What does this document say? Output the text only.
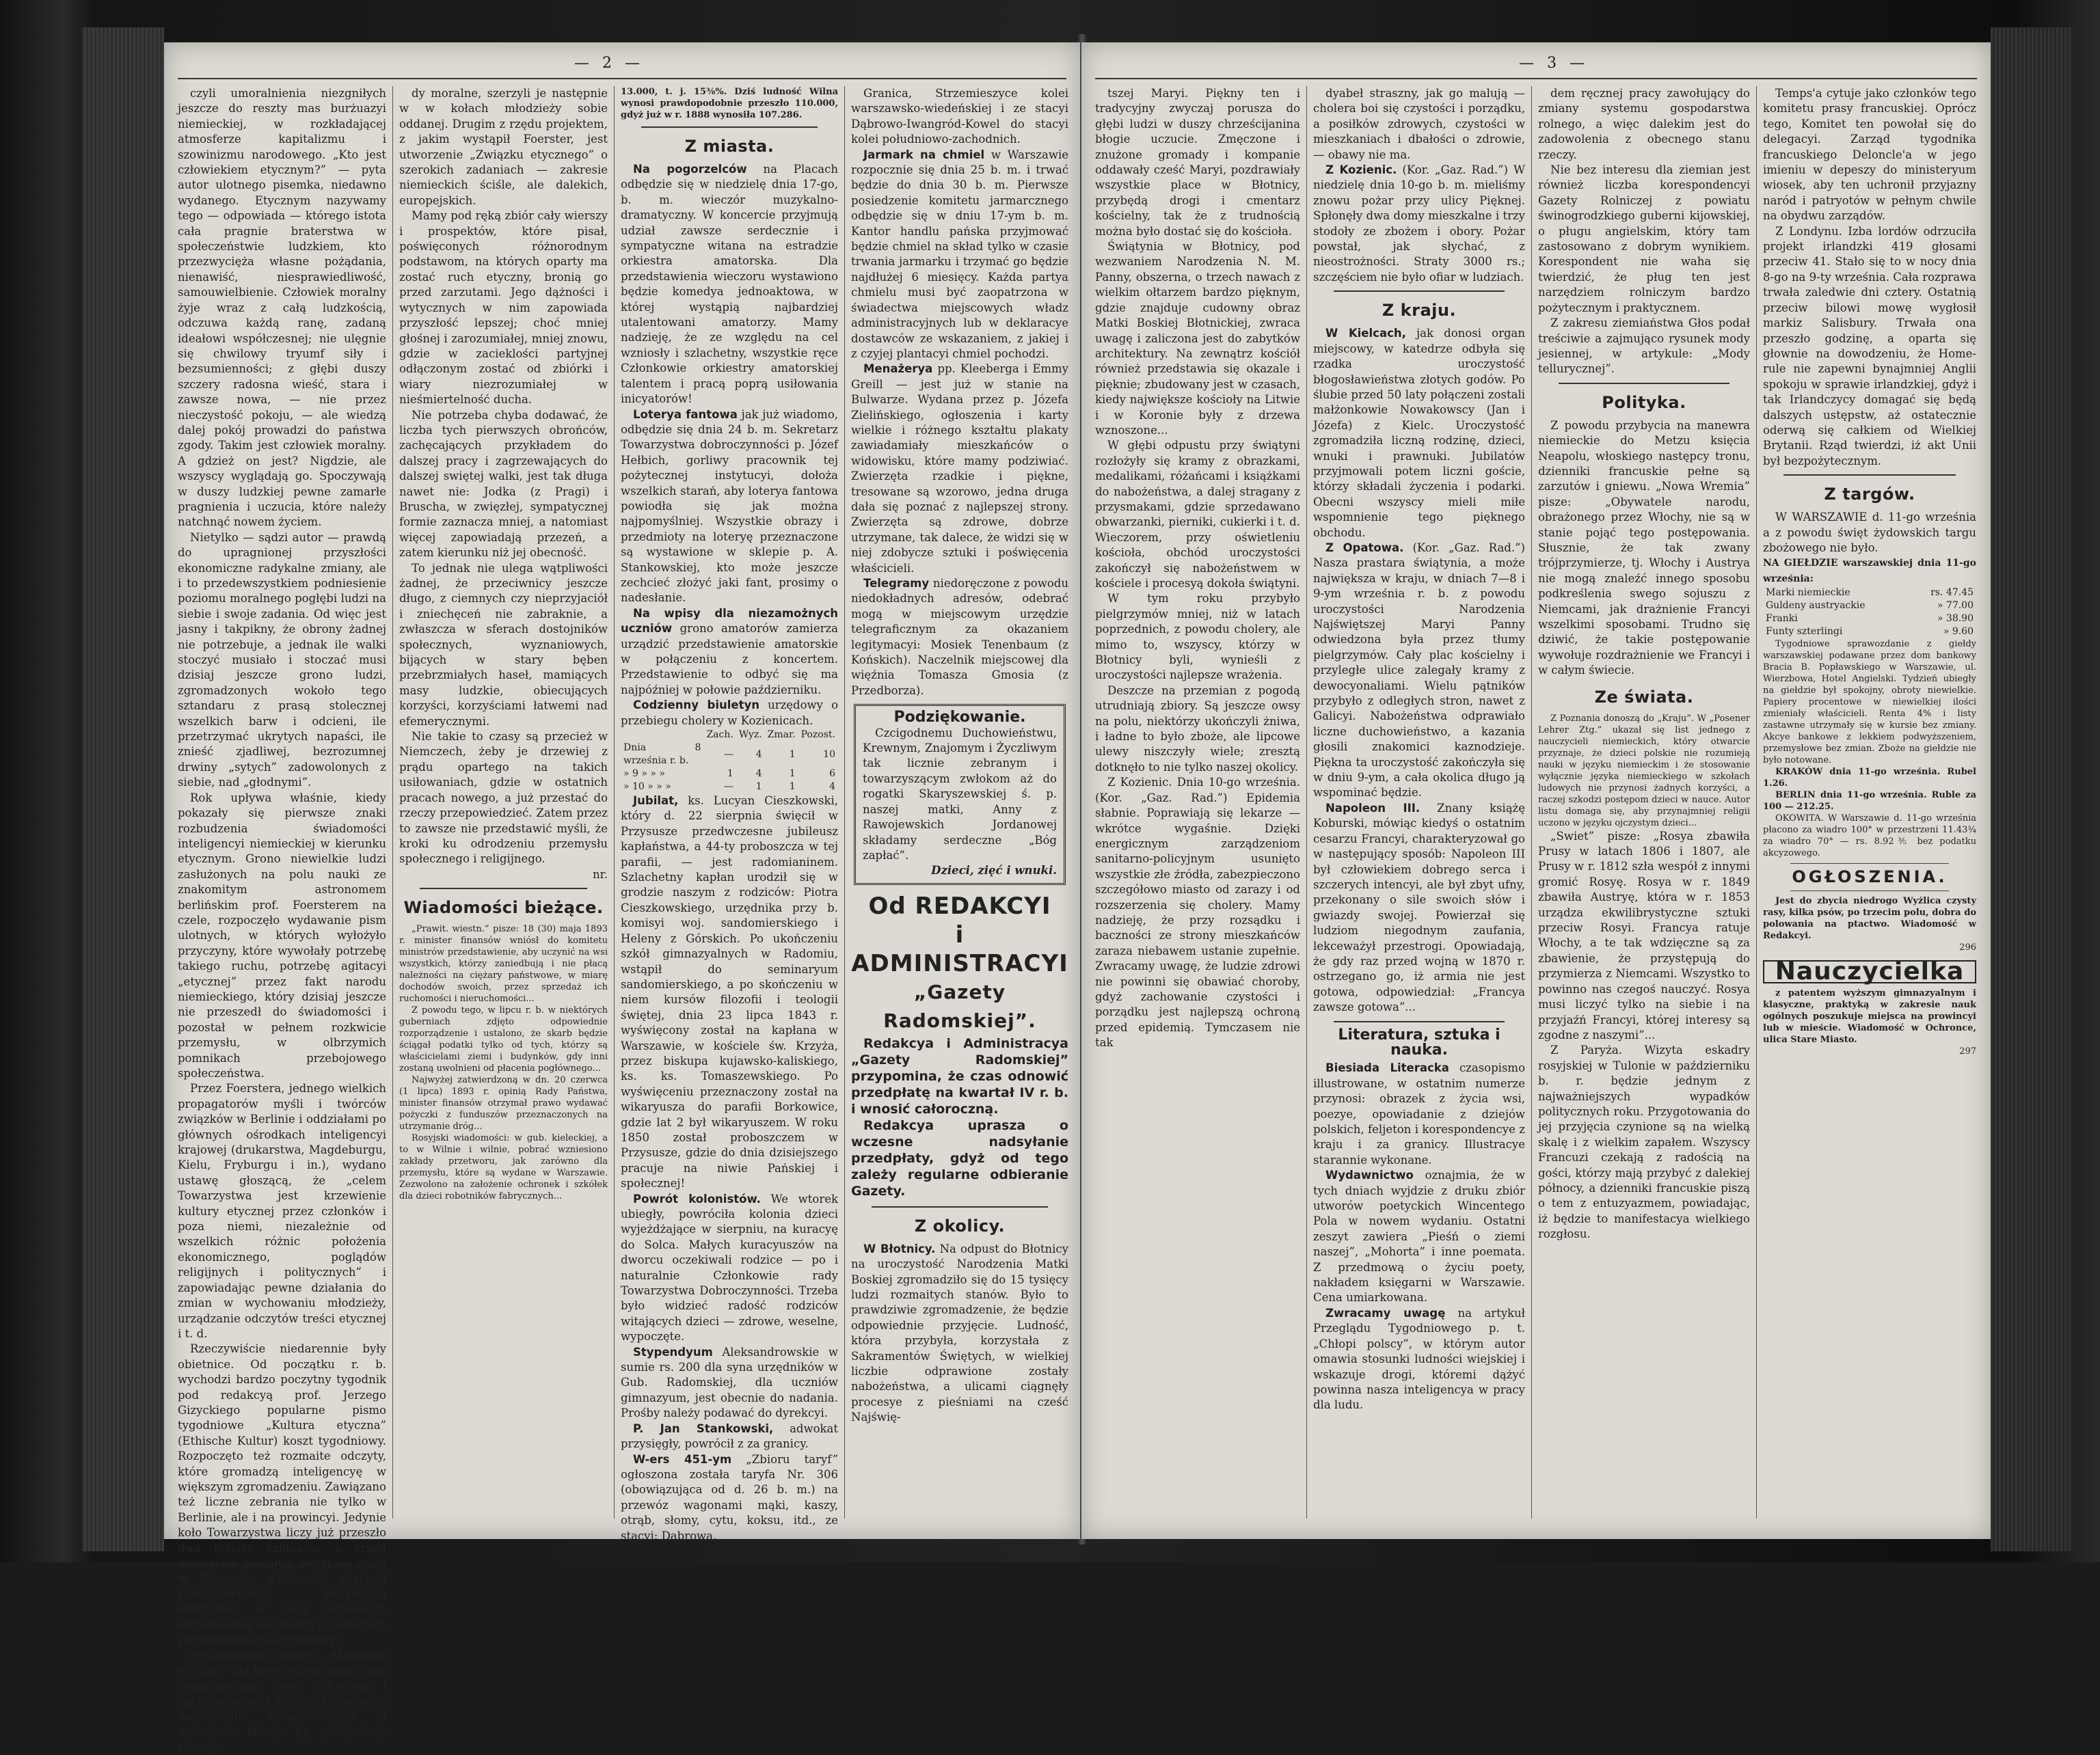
— 2 —

czyli umoralnienia niezgniłych jeszcze do reszty mas burżuazyi niemieckiej, w rozkładającej atmosferze kapitalizmu i szowinizmu narodowego. „Kto jest człowiekiem etycznym?” — pyta autor ulotnego pisemka, niedawno wydanego. Etycznym nazywamy tego — odpowiada — którego istota cała pragnie braterstwa w społeczeństwie ludzkiem, kto przezwycięża własne pożądania, nienawiść, niesprawiedliwość, samouwielbienie. Człowiek moralny żyje wraz z całą ludzkością, odczuwa każdą ranę, zadaną ideałowi współczesnej; nie ulęgnie się chwilowy tryumf siły i bezsumienności; z głębi duszy szczery radosna wieść, stara i zawsze nowa, — nie przez nieczystość pokoju, — ale wiedzą dalej pokój prowadzi do państwa zgody. Takim jest człowiek moralny. A gdzież on jest? Nigdzie, ale wszyscy wyglądają go. Spoczywają w duszy ludzkiej pewne zamarłe pragnienia i uczucia, które należy natchnąć nowem życiem.

Nietylko — sądzi autor — prawdą do upragnionej przyszłości ekonomiczne radykalne zmiany, ale i to przedewszystkiem podniesienie poziomu moralnego pogłębi ludzi na siebie i swoje zadania. Od więc jest jasny i takpikny, że obrony żadnej nie potrzebuje, a jednak ile walki stoczyć musiało i stoczać musi dzisiaj jeszcze grono ludzi, zgromadzonych wokoło tego sztandaru z prasą stolecznej wszelkich barw i odcieni, ile przetrzymać ukrytych napaści, ile znieść zjadliwej, bezrozumnej drwiny „sytych” zadowolonych z siebie, nad „głodnymi”.

Rok upływa właśnie, kiedy pokazały się pierwsze znaki rozbudzenia świadomości inteligencyi niemieckiej w kierunku etycznym. Grono niewielkie ludzi zasłużonych na polu nauki ze znakomitym astronomem berlińskim prof. Foersterem na czele, rozpoczęło wydawanie pism ulotnych, w których wyłożyło przyczyny, które wywołały potrzebę takiego ruchu, potrzebę agitacyi „etycznej” przez fakt narodu niemieckiego, który dzisiaj jeszcze nie przeszedł do świadomości i pozostał w pełnem rozkwicie przemysłu, w olbrzymich pomnikach przebojowego społeczeństwa.

Przez Foerstera, jednego wielkich propagatorów myśli i twórców związków w Berlinie i oddziałami po głównych ośrodkach inteligencyi krajowej (drukarstwa, Magdeburgu, Kielu, Fryburgu i in.), wydano ustawę głoszącą, że „celem Towarzystwa jest krzewienie kultury etycznej przez członków i poza niemi, niezależnie od wszelkich różnic położenia ekonomicznego, poglądów religijnych i politycznych” i zapowiadając pewne działania do zmian w wychowaniu młodzieży, urządzanie odczytów treści etycznej i t. d.

Rzeczywiście niedarennie były obietnice. Od początku r. b. wychodzi bardzo poczytny tygodnik pod redakcyą prof. Jerzego Gizyckiego popularne pismo tygodniowe „Kultura etyczna” (Ethische Kultur) koszt tygodniowy. Rozpoczęto też rozmaite odczyty, które gromadzą inteligencyę w większym zgromadzeniu. Zawiązano też liczne zebrania nie tylko w Berlinie, ale i na prowincyi. Jedynie koło Towarzystwa liczy już przeszło dwa tysiące członków, a przed miesiącem niecałym odbył się zjazd w Eisenach, gdzie nie przybyli przedstawiciele wszystkich oddziałów, w celu wspólnego obradowania nad dalszym rozwojem i wzmocnieniem organizacyi.

Postanowiono założyć „Akademię etyczną” dla teoretycznej pracy nad zagadnieniami duszy człowieka i społeczeństwa i w celu kształcenia nauczycieli elementarnych i wyższych, którzy by przejawiały zasady...

dy moralne, szerzyli je następnie w w kołach młodzieży sobie oddanej. Drugim z rzędu projektem, z jakim wystąpił Foerster, jest utworzenie „Związku etycznego” o szerokich zadaniach — zakresie niemieckich ściśle, ale dalekich, europejskich.

Mamy pod ręką zbiór cały wierszy i prospektów, które pisał, poświęconych różnorodnym podstawom, na których oparty ma zostać ruch etyczny, bronią go przed zarzutami. Jego dążności i wytycznych w nim zapowiada przyszłość lepszej; choć mniej głośnej i zarozumiałej, mniej znowu, gdzie w zacieklości partyjnej odłączonym zostać od zbiórki i wiary niezrozumiałej w nieśmiertelność ducha.

Nie potrzeba chyba dodawać, że liczba tych pierwszych obrońców, zachęcających przykładem do dalszej pracy i zagrzewających do dalszej swiętej walki, jest tak długa nawet nie: Jodka (z Pragi) i Bruscha, w zwięzłej, sympatycznej formie zaznacza mniej, a natomiast więcej zapowiadają przezeń, a zatem kierunku niż jej obecność.

To jednak nie ulega wątpliwości żadnej, że przeciwnicy jeszcze długo, z ciemnych czy nieprzyjaciół i zniechęceń nie zabraknie, a zwłaszcza w sferach dostojników społecznych, wyznaniowych, bijących w stary bęben przebrzmiałych haseł, mamiących masy ludzkie, obiecujących korzyści, korzyściami łatwemi nad efemerycznymi.

Nie takie to czasy są przecież w Niemczech, żeby je drzewiej z prądu opartego na takich usiłowaniach, gdzie w ostatnich pracach nowego, a już przestać do rzeczy przepowiedzieć. Zatem przez to zawsze nie przedstawić myśli, że kroki ku odrodzeniu przemysłu społecznego i religijnego.

nr.

Wiadomości bieżące.

„Prawit. wiestn.” pisze: 18 (30) maja 1893 r. minister finansów wniósł do komitetu ministrów przedstawienie, aby uczynić na wsi wszystkich, którzy zaniedbują i nie płacą należności na ciężary państwowe, w miarę dochodów swoich, przez sprzedaż ich ruchomości i nieruchomości...

Z powodu tego, w lipcu r. b. w niektórych guberniach zdjęto odpowiednie rozporządzenie i ustalono, że skarb będzie ściągał podatki tylko od tych, którzy są właścicielami ziemi i budynków, gdy inni zostaną uwolnieni od płacenia pogłównego...

Najwyżej zatwierdzoną w dn. 20 czerwca (1 lipca) 1893 r. opinią Rady Państwa, minister finansów otrzymał prawo wydawać pożyczki z funduszów przeznaczonych na utrzymanie dróg...

Rosyjski wiadomości: w gub. kieleckiej, a to w Wilnie i wilnie, pobrać wzniesiono zakłady przetworu, jak zarówno dla przemysłu, które są wydane w Warszawie. Zezwolono na założenie ochronek i szkółek dla dzieci robotników fabrycznych...

13.000, t. j. 15⅜%. Dziś ludność Wilna wynosi prawdopodobnie przeszło 110.000, gdyż już w r. 1888 wynosiła 107.286.

Z miasta.

Na pogorzelców na Placach odbędzie się w niedzielę dnia 17-go, b. m. wieczór muzykalno-dramatyczny. W koncercie przyjmują udział zawsze serdecznie i sympatyczne witana na estradzie orkiestra amatorska. Dla przedstawienia wieczoru wystawiono będzie komedya jednoaktowa, w której wystąpią najbardziej utalentowani amatorzy. Mamy nadzieję, że ze względu na cel wzniosły i szlachetny, wszystkie ręce Członkowie orkiestry amatorskiej talentem i pracą poprą usiłowania inicyatorów!

Loterya fantowa jak już wiadomo, odbędzie się dnia 24 b. m. Sekretarz Towarzystwa dobroczynności p. Józef Hełbich, gorliwy pracownik tej pożytecznej instytucyi, dołoża wszelkich starań, aby loterya fantowa powiodła się jak można najpomyślniej. Wszystkie obrazy i przedmioty na loteryę przeznaczone są wystawione w sklepie p. A. Stankowskiej, kto może jeszcze zechcieć złożyć jaki fant, prosimy o nadesłanie.

Na wpisy dla niezamożnych uczniów grono amatorów zamierza urządzić przedstawienie amatorskie w połączeniu z koncertem. Przedstawienie to odbyć się ma najpóźniej w połowie październiku.

Codzienny biuletyn urzędowy o przebiegu cholery w Kozienicach.

	Zach.	Wyz.	Zmar.	Pozost.
Dnia 8 września r. b.	—	4	1	10
» 9 » » »	1	4	1	6
» 10 » » »	—	1	1	4

Jubilat, ks. Lucyan Cieszkowski, który d. 22 sierpnia święcił w Przysusze przedwczesne jubileusz kapłaństwa, a 44-ty proboszcza w tej parafii, — jest radomianinem. Szlachetny kapłan urodził się w grodzie naszym z rodziców: Piotra Cieszkowskiego, urzędnika przy b. komisyi woj. sandomierskiego i Heleny z Górskich. Po ukończeniu szkół gimnazyalnych w Radomiu, wstąpił do seminaryum sandomierskiego, a po skończeniu w niem kursów filozofii i teologii świętej, dnia 23 lipca 1843 r. wyświęcony został na kapłana w Warszawie, w kościele św. Krzyża, przez biskupa kujawsko-kaliskiego, ks. ks. Tomaszewskiego. Po wyświęceniu przeznaczony został na wikaryusza do parafii Borkowice, gdzie lat 2 był wikaryuszem. W roku 1850 został proboszczem w Przysusze, gdzie do dnia dzisiejszego pracuje na niwie Pańskiej i społecznej!

Powrót kolonistów. We wtorek ubiegły, powróciła kolonia dzieci wyjeżdżające w sierpniu, na kuracyę do Solca. Małych kuracyuszów na dworcu oczekiwali rodzice — po i naturalnie Członkowie rady Towarzystwa Dobroczynności. Trzeba było widzieć radość rodziców witających dzieci — zdrowe, weselne, wypoczęte.

Stypendyum Aleksandrowskie w sumie rs. 200 dla syna urzędników w Gub. Radomskiej, dla uczniów gimnazyum, jest obecnie do nadania. Prośby należy podawać do dyrekcyi.

P. Jan Stankowski, adwokat przysięgły, powrócił z za granicy.

W-ers 451-ym „Zbioru taryf” ogłoszona została taryfa Nr. 306 (obowiązująca od d. 26 b. m.) na przewóz wagonami mąki, kaszy, otrąb, słomy, cytu, koksu, itd., ze stacyi: Dąbrowa,

Granica, Strzemieszyce kolei warszawsko-wiedeńskiej i ze stacyi Dąbrowo-Iwangród-Kowel do stacyi kolei południowo-zachodnich.

Jarmark na chmiel w Warszawie rozpocznie się dnia 25 b. m. i trwać będzie do dnia 30 b. m. Pierwsze posiedzenie komitetu jarmarcznego odbędzie się w dniu 17-ym b. m. Kantor handlu pańska przyjmować będzie chmiel na skład tylko w czasie trwania jarmarku i trzymać go będzie najdłużej 6 miesięcy. Każda partya chmielu musi być zaopatrzona w świadectwa miejscowych władz administracyjnych lub w deklaracye dostawców ze wskazaniem, z jakiej i z czyjej plantacyi chmiel pochodzi.

Menażerya pp. Kleeberga i Emmy Greill — jest już w stanie na Bulwarze. Wydana przez p. Józefa Zielińskiego, ogłoszenia i karty wielkie i różnego kształtu plakaty zawiadamiały mieszkańców o widowisku, które mamy podziwiać. Zwierzęta rzadkie i piękne, tresowane są wzorowo, jedna druga dała się poznać z najlepszej strony. Zwierzęta są zdrowe, dobrze utrzymane, tak dalece, że widzi się w niej zdobycze sztuki i poświęcenia właścicieli.

Telegramy niedoręczone z powodu niedokładnych adresów, odebrać mogą w miejscowym urzędzie telegraficznym za okazaniem legitymacyi: Mosiek Tenenbaum (z Końskich). Naczelnik miejscowej dla więźnia Tomasza Gmosia (z Przedborza).

Podziękowanie.

Czcigodnemu Duchowieństwu, Krewnym, Znajomym i Życzliwym tak licznie zebranym i towarzyszącym zwłokom aż do rogatki Skaryszewskiej ś. p. naszej matki, Anny z Rawojewskich Jordanowej składamy serdeczne „Bóg zapłać”.

Dzieci, zięć i wnuki.

Od REDAKCYI
i ADMINISTRACYI
„Gazety Radomskiej”.

Redakcya i Administracya „Gazety Radomskiej” przypomina, że czas odnowić przedpłatę na kwartał IV r. b. i wnosić całoroczną.

Redakcya uprasza o wczesne nadsyłanie przedpłaty, gdyż od tego zależy regularne odbieranie Gazety.

Z okolicy.

W Błotnicy. Na odpust do Błotnicy na uroczystość Narodzenia Matki Boskiej zgromadziło się do 15 tysięcy ludzi rozmaitych stanów. Było to prawdziwie zgromadzenie, że będzie odpowiednie przyjęcie. Ludność, która przybyła, korzystała z Sakramentów Świętych, w wielkiej liczbie odprawione zostały nabożeństwa, a ulicami ciągnęły procesye z pieśniami na cześć Najświę-

— 3 —

tszej Maryi. Piękny ten i tradycyjny zwyczaj porusza do głębi ludzi w duszy chrześcijanina błogie uczucie. Zmęczone i znużone gromady i kompanie oddawały cześć Maryi, pozdrawiały wszystkie place w Błotnicy, przybędą drogi i cmentarz kościelny, tak że z trudnością można było dostać się do kościoła.

Świątynia w Błotnicy, pod wezwaniem Narodzenia N. M. Panny, obszerna, o trzech nawach z wielkim ołtarzem bardzo pięknym, gdzie znajduje cudowny obraz Matki Boskiej Błotnickiej, zwraca uwagę i zaliczona jest do zabytków architektury. Na zewnątrz kościół również przedstawia się okazale i pięknie; zbudowany jest w czasach, kiedy największe kościoły na Litwie i w Koronie były z drzewa wznoszone...

W głębi odpustu przy świątyni rozłożyły się kramy z obrazkami, medalikami, różańcami i książkami do nabożeństwa, a dalej stragany z przysmakami, gdzie sprzedawano obwarzanki, pierniki, cukierki i t. d. Wieczorem, przy oświetleniu kościoła, obchód uroczystości zakończył się nabożeństwem w kościele i procesyą dokoła świątyni.

W tym roku przybyło pielgrzymów mniej, niż w latach poprzednich, z powodu cholery, ale mimo to, wszyscy, którzy w Błotnicy byli, wynieśli z uroczystości najlepsze wrażenia.

Deszcze na przemian z pogodą utrudniają zbiory. Są jeszcze owsy na polu, niektórzy ukończyli żniwa, i ładne to było zboże, ale lipcowe ulewy niszczyły wiele; zresztą dotknęło to nie tylko naszej okolicy.

Z Kozienic. Dnia 10-go września. (Kor. „Gaz. Rad.”) Epidemia słabnie. Poprawiają się lekarze — wkrótce wygaśnie. Dzięki energicznym zarządzeniom sanitarno-policyjnym usunięto wszystkie złe źródła, zabezpieczono szczegółowo miasto od zarazy i od rozszerzenia się cholery. Mamy nadzieję, że przy rozsądku i baczności ze strony mieszkańców zaraza niebawem ustanie zupełnie. Zwracamy uwagę, że ludzie zdrowi nie powinni się obawiać choroby, gdyż zachowanie czystości i porządku jest najlepszą ochroną przed epidemią. Tymczasem nie tak

dyabeł straszny, jak go malują — cholera boi się czystości i porządku, a posiłków zdrowych, czystości w mieszkaniach i dbałości o zdrowie, — obawy nie ma.

Z Kozienic. (Kor. „Gaz. Rad.”) W niedzielę dnia 10-go b. m. mieliśmy znowu pożar przy ulicy Pięknej. Spłonęły dwa domy mieszkalne i trzy stodoły ze zbożem i obory. Pożar powstał, jak słychać, z nieostrożności. Straty 3000 rs.; szczęściem nie było ofiar w ludziach.

Z kraju.

W Kielcach, jak donosi organ miejscowy, w katedrze odbyła się rzadka uroczystość błogosławieństwa złotych godów. Po ślubie przed 50 laty połączeni zostali małżonkowie Nowakowscy (Jan i Józefa) z Kielc. Uroczystość zgromadziła liczną rodzinę, dzieci, wnuki i prawnuki. Jubilatów przyjmowali potem liczni goście, którzy składali życzenia i podarki. Obecni wszyscy mieli miłe wspomnienie tego pięknego obchodu.

Z Opatowa. (Kor. „Gaz. Rad.”) Nasza prastara świątynia, a może największa w kraju, w dniach 7—8 i 9-ym września r. b. z powodu uroczystości Narodzenia Najświętszej Maryi Panny odwiedzona była przez tłumy pielgrzymów. Cały plac kościelny i przyległe ulice zalegały kramy z dewocyonaliami. Wielu pątników przybyło z odległych stron, nawet z Galicyi. Nabożeństwa odprawiało liczne duchowieństwo, a kazania głosili znakomici kaznodzieje. Piękna ta uroczystość zakończyła się w dniu 9-ym, a cała okolica długo ją wspominać będzie.

Napoleon III. Znany książę Koburski, mówiąc kiedyś o ostatnim cesarzu Francyi, charakteryzował go w następujący sposób: Napoleon III był człowiekiem dobrego serca i szczerych intencyi, ale był zbyt ufny, przekonany o sile swoich słów i gwiazdy swojej. Powierzał się ludziom niegodnym zaufania, lekceważył przestrogi. Opowiadają, że gdy raz przed wojną w 1870 r. ostrzegano go, iż armia nie jest gotowa, odpowiedział: „Francya zawsze gotowa”...

Literatura, sztuka i nauka.

Biesiada Literacka czasopismo illustrowane, w ostatnim numerze przynosi: obrazek z życia wsi, poezye, opowiadanie z dziejów polskich, feljeton i korespondencye z kraju i za granicy. Illustracye starannie wykonane.

Wydawnictwo oznajmia, że w tych dniach wyjdzie z druku zbiór utworów poetyckich Wincentego Pola w nowem wydaniu. Ostatni zeszyt zawiera „Pieśń o ziemi naszej”, „Mohorta” i inne poemata. Z przedmową o życiu poety, nakładem księgarni w Warszawie. Cena umiarkowana.

Zwracamy uwagę na artykuł Przeglądu Tygodniowego p. t. „Chłopi polscy”, w którym autor omawia stosunki ludności wiejskiej i wskazuje drogi, któremi dążyć powinna nasza inteligencya w pracy dla ludu.

dem ręcznej pracy zawołujący do zmiany systemu gospodarstwa rolnego, a więc dalekim jest do zadowolenia z obecnego stanu rzeczy.

Nie bez interesu dla ziemian jest również liczba korespondencyi Gazety Rolniczej z powiatu świnogrodzkiego guberni kijowskiej, o pługu angielskim, który tam zastosowano z dobrym wynikiem. Korespondent nie waha się twierdzić, że pług ten jest narzędziem rolniczym bardzo pożytecznym i praktycznem.

Z zakresu ziemiaństwa Głos podał treściwie a zajmująco rysunek mody jesiennej, w artykule: „Mody tellurycznej”.

Polityka.

Z powodu przybycia na manewra niemieckie do Metzu księcia Neapolu, włoskiego następcy tronu, dzienniki francuskie pełne są zarzutów i gniewu. „Nowa Wremia” pisze: „Obywatele narodu, obrażonego przez Włochy, nie są w stanie pojąć tego postępowania. Słusznie, że tak zwany trójprzymierze, tj. Włochy i Austrya nie mogą znaleźć innego sposobu podkreślenia swego sojuszu z Niemcami, jak drażnienie Francyi wszelkimi sposobami. Trudno się dziwić, że takie postępowanie wywołuje rozdrażnienie we Francyi i w całym świecie.

Ze świata.

Z Poznania donoszą do „Kraju”. W „Posener Lehrer Ztg.” ukazał się list jednego z nauczycieli niemieckich, który otwarcie przyznaje, że dzieci polskie nie rozumieją nauki w języku niemieckim i że stosowanie wyłącznie języka niemieckiego w szkołach ludowych nie przynosi żadnych korzyści, a raczej szkodzi postępom dzieci w nauce. Autor listu domaga się, aby przynajmniej religii uczono w języku ojczystym dzieci...

„Swiet” pisze: „Rosya zbawiła Prusy w latach 1806 i 1807, ale Prusy w r. 1812 szła wespół z innymi gromić Rosyę. Rosya w r. 1849 zbawiła Austryę, która w r. 1853 urządza ekwilibrystyczne sztuki przeciw Rosyi. Francya ratuje Włochy, a te tak wdzięczne są za zbawienie, że przystępują do przymierza z Niemcami. Wszystko to powinno nas czegoś nauczyć. Rosya musi liczyć tylko na siebie i na przyjaźń Francyi, której interesy są zgodne z naszymi”...

Z Paryża. Wizyta eskadry rosyjskiej w Tulonie w październiku b. r. będzie jednym z najważniejszych wypadków politycznych roku. Przygotowania do jej przyjęcia czynione są na wielką skalę i z wielkim zapałem. Wszyscy Francuzi czekają z radością na gości, którzy mają przybyć z dalekiej północy, a dzienniki francuskie piszą o tem z entuzyazmem, powiadając, iż będzie to manifestacya wielkiego rozgłosu.

Temps'a cytuje jako członków tego komitetu prasy francuskiej. Oprócz tego, Komitet ten powołał się do delegacyi. Zarząd tygodnika francuskiego Deloncle'a w jego imieniu w depeszy do ministeryum wiosek, aby ten uchronił przyjazny naród i patryotów w pełnym chwile na obydwu zarządów.

Z Londynu. Izba lordów odrzuciła projekt irlandzki 419 głosami przeciw 41. Stało się to w nocy dnia 8-go na 9-ty września. Cała rozprawa trwała zaledwie dni cztery. Ostatnią przeciw bilowi mowę wygłosił markiz Salisbury. Trwała ona przeszło godzinę, a oparta się głownie na dowodzeniu, że Home-rule nie zapewni bynajmniej Anglii spokoju w sprawie irlandzkiej, gdyż i tak Irlandczycy domagać się będą dalszych ustępstw, aż ostatecznie oderwą się całkiem od Wielkiej Brytanii. Rząd twierdzi, iż akt Unii był bezpożytecznym.

Z targów.

W WARSZAWIE d. 11-go września a z powodu święt żydowskich targu zbożowego nie było.

NA GIEŁDZIE warszawskiej dnia 11-go września:

Marki niemieckie	rs. 47.45
Guldeny austryackie	» 77.00
Franki	» 38.90
Funty szterlingi	» 9.60

Tygodniowe sprawozdanie z giełdy warszawskiej podawane przez dom bankowy Bracia B. Popławskiego w Warszawie, ul. Wierzbowa, Hotel Angielski. Tydzień ubiegły na giełdzie był spokojny, obroty niewielkie. Papiery procentowe w niewielkiej ilości zmieniały właścicieli. Renta 4% i listy zastawne utrzymały się w kursie bez zmiany. Akcye bankowe z lekkiem podwyższeniem, przemysłowe bez zmian. Zboże na giełdzie nie było notowane.

KRAKÓW dnia 11-go września. Rubel 1.26.

BERLIN dnia 11-go września. Ruble za 100 — 212.25.

OKOWITA. W Warszawie d. 11-go września płacono za wiadro 100° w przestrzeni 11.43¾ za wiadro 70° — rs. 8.92⅗ bez podatku akcyzowego.

OGŁOSZENIA.

Jest do zbycia niedrogo Wyżlica czysty rasy, kilka psów, po trzecim polu, dobra do polowania na ptactwo. Wiadomość w Redakcyi.

296

Nauczycielka

z patentem wyższym gimnazyalnym i klasyczne, praktyką w zakresie nauk ogólnych poszukuje miejsca na prowincyi lub w mieście. Wiadomość w Ochronce, ulica Stare Miasto.

297
